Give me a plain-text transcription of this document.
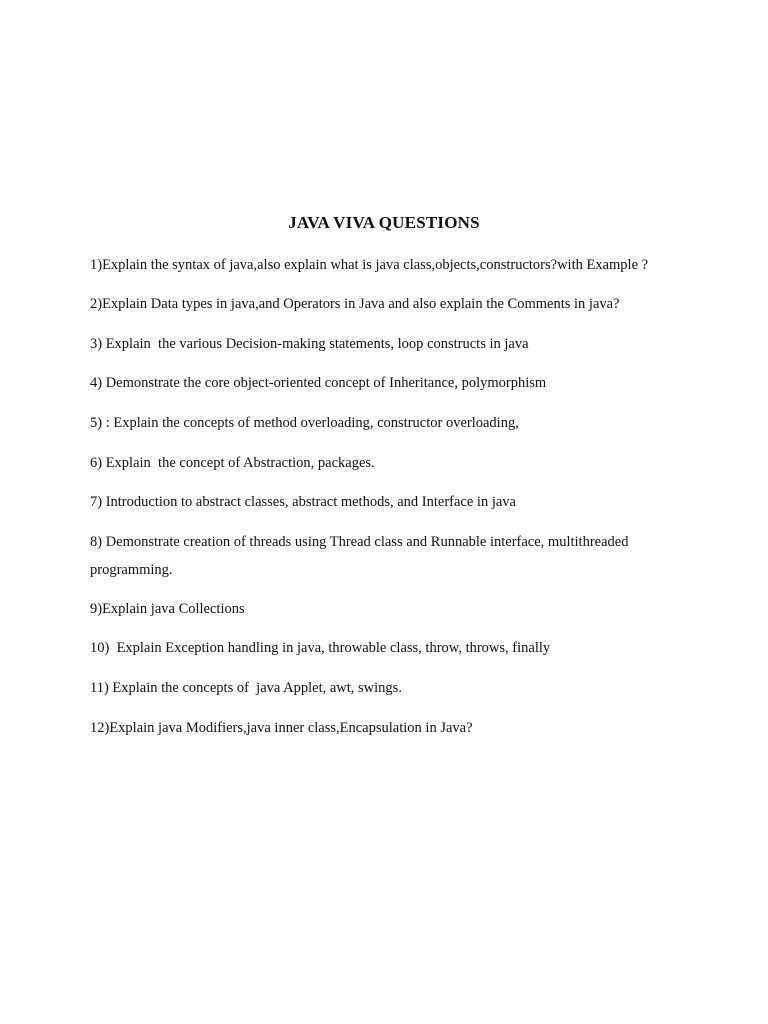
JAVA VIVA QUESTIONS
1)Explain the syntax of java,also explain what is java class,objects,constructors?with Example ?
2)Explain Data types in java,and Operators in Java and also explain the Comments in java?
3) Explain  the various Decision-making statements, loop constructs in java
4) Demonstrate the core object-oriented concept of Inheritance, polymorphism
5) : Explain the concepts of method overloading, constructor overloading,
6) Explain  the concept of Abstraction, packages.
7) Introduction to abstract classes, abstract methods, and Interface in java
8) Demonstrate creation of threads using Thread class and Runnable interface, multithreaded programming.
9)Explain java Collections
10)  Explain Exception handling in java, throwable class, throw, throws, finally
11) Explain the concepts of  java Applet, awt, swings.
12)Explain java Modifiers,java inner class,Encapsulation in Java?
